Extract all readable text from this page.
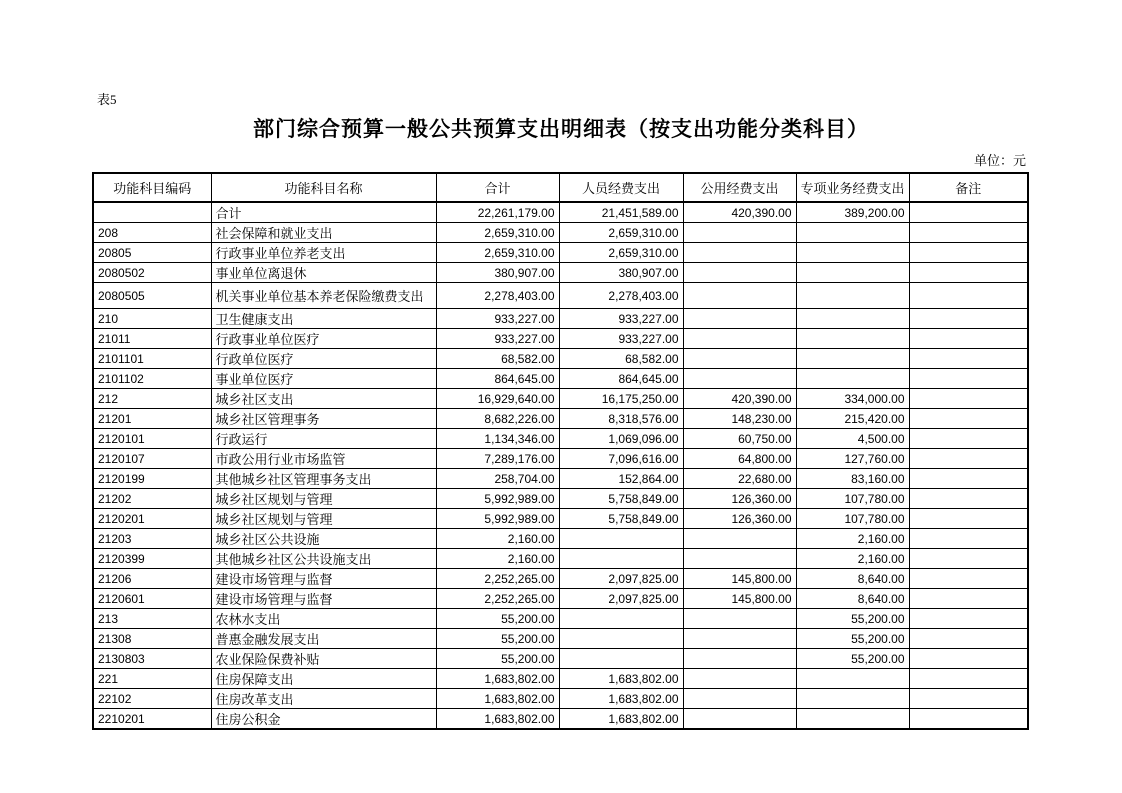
表5
部门综合预算一般公共预算支出明细表（按支出功能分类科目）
单位：元
功能科目编码	功能科目名称	合计	人员经费支出	公用经费支出	专项业务经费支出	备注
	合计	22,261,179.00	21,451,589.00	420,390.00	389,200.00	
208	社会保障和就业支出	2,659,310.00	2,659,310.00			
20805	行政事业单位养老支出	2,659,310.00	2,659,310.00			
2080502	事业单位离退休	380,907.00	380,907.00			
2080505	机关事业单位基本养老保险缴费支出	2,278,403.00	2,278,403.00			
210	卫生健康支出	933,227.00	933,227.00			
21011	行政事业单位医疗	933,227.00	933,227.00			
2101101	行政单位医疗	68,582.00	68,582.00			
2101102	事业单位医疗	864,645.00	864,645.00			
212	城乡社区支出	16,929,640.00	16,175,250.00	420,390.00	334,000.00	
21201	城乡社区管理事务	8,682,226.00	8,318,576.00	148,230.00	215,420.00	
2120101	行政运行	1,134,346.00	1,069,096.00	60,750.00	4,500.00	
2120107	市政公用行业市场监管	7,289,176.00	7,096,616.00	64,800.00	127,760.00	
2120199	其他城乡社区管理事务支出	258,704.00	152,864.00	22,680.00	83,160.00	
21202	城乡社区规划与管理	5,992,989.00	5,758,849.00	126,360.00	107,780.00	
2120201	城乡社区规划与管理	5,992,989.00	5,758,849.00	126,360.00	107,780.00	
21203	城乡社区公共设施	2,160.00			2,160.00	
2120399	其他城乡社区公共设施支出	2,160.00			2,160.00	
21206	建设市场管理与监督	2,252,265.00	2,097,825.00	145,800.00	8,640.00	
2120601	建设市场管理与监督	2,252,265.00	2,097,825.00	145,800.00	8,640.00	
213	农林水支出	55,200.00			55,200.00	
21308	普惠金融发展支出	55,200.00			55,200.00	
2130803	农业保险保费补贴	55,200.00			55,200.00	
221	住房保障支出	1,683,802.00	1,683,802.00			
22102	住房改革支出	1,683,802.00	1,683,802.00			
2210201	住房公积金	1,683,802.00	1,683,802.00			
